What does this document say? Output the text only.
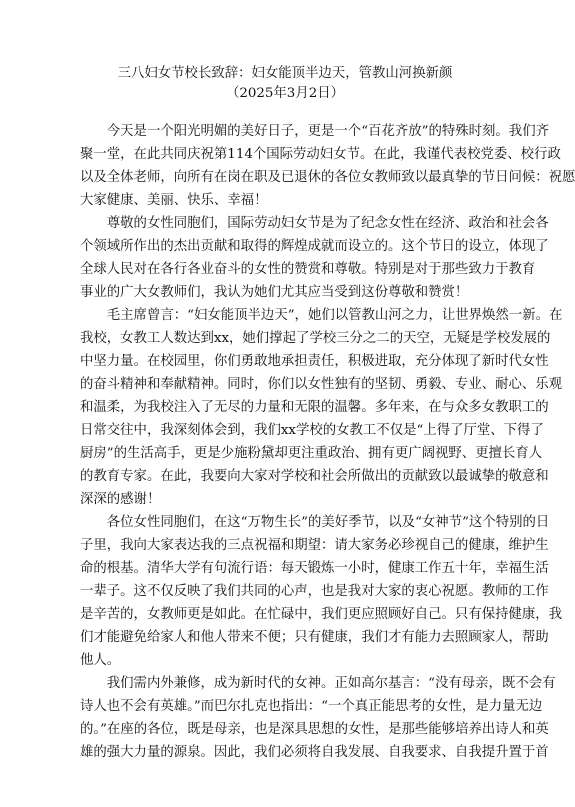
三八妇女节校长致辞：妇女能顶半边天，管教山河换新颜
（2025年3月2日）
　　今天是一个阳光明媚的美好日子，更是一个“百花齐放”的特殊时刻。我们齐
聚一堂，在此共同庆祝第114个国际劳动妇女节。在此，我谨代表校党委、校行政
以及全体老师，向所有在岗在职及已退休的各位女教师致以最真挚的节日问候：祝愿
大家健康、美丽、快乐、幸福！
　　尊敬的女性同胞们，国际劳动妇女节是为了纪念女性在经济、政治和社会各
个领域所作出的杰出贡献和取得的辉煌成就而设立的。这个节日的设立，体现了
全球人民对在各行各业奋斗的女性的赞赏和尊敬。特别是对于那些致力于教育
事业的广大女教师们，我认为她们尤其应当受到这份尊敬和赞赏！
　　毛主席曾言：“妇女能顶半边天”，她们以管教山河之力，让世界焕然一新。在
我校，女教工人数达到xx，她们撑起了学校三分之二的天空，无疑是学校发展的
中坚力量。在校园里，你们勇敢地承担责任，积极进取，充分体现了新时代女性
的奋斗精神和奉献精神。同时，你们以女性独有的坚韧、勇毅、专业、耐心、乐观
和温柔，为我校注入了无尽的力量和无限的温馨。多年来，在与众多女教职工的
日常交往中，我深刻体会到，我们xx学校的女教工不仅是“上得了厅堂、下得了
厨房”的生活高手，更是少施粉黛却更注重政治、拥有更广阔视野、更擅长育人
的教育专家。在此，我要向大家对学校和社会所做出的贡献致以最诚挚的敬意和
深深的感谢！
　　各位女性同胞们，在这“万物生长”的美好季节，以及“女神节”这个特别的日
子里，我向大家表达我的三点祝福和期望：请大家务必珍视自己的健康，维护生
命的根基。清华大学有句流行语：每天锻炼一小时，健康工作五十年，幸福生活
一辈子。这不仅反映了我们共同的心声，也是我对大家的衷心祝愿。教师的工作
是辛苦的，女教师更是如此。在忙碌中，我们更应照顾好自己。只有保持健康，我
们才能避免给家人和他人带来不便；只有健康，我们才有能力去照顾家人，帮助
他人。
　　我们需内外兼修，成为新时代的女神。正如高尔基言：“没有母亲，既不会有
诗人也不会有英雄。”而巴尔扎克也指出：“一个真正能思考的女性，是力量无边
的。”在座的各位，既是母亲，也是深具思想的女性，是那些能够培养出诗人和英
雄的强大力量的源泉。因此，我们必须将自我发展、自我要求、自我提升置于首
